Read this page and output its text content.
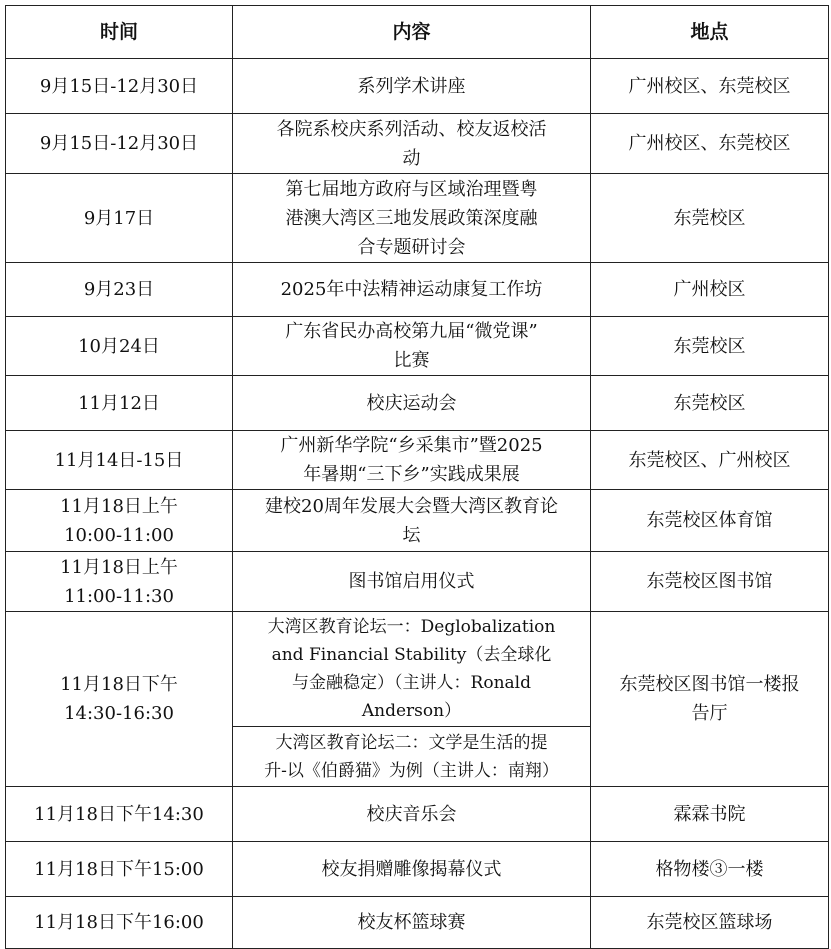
时间	内容	地点
9月15日-12月30日	系列学术讲座	广州校区、东莞校区
9月15日-12月30日	各院系校庆系列活动、校友返校活
动	广州校区、东莞校区
9月17日	第七届地方政府与区域治理暨粤
港澳大湾区三地发展政策深度融
合专题研讨会	东莞校区
9月23日	2025年中法精神运动康复工作坊	广州校区
10月24日	广东省民办高校第九届“微党课”
比赛	东莞校区
11月12日	校庆运动会	东莞校区
11月14日-15日	广州新华学院“乡采集市”暨2025
年暑期“三下乡”实践成果展	东莞校区、广州校区
11月18日上午
10:00-11:00	建校20周年发展大会暨大湾区教育论
坛	东莞校区体育馆
11月18日上午
11:00-11:30	图书馆启用仪式	东莞校区图书馆
11月18日下午
14:30-16:30	大湾区教育论坛一：Deglobalization
and Financial Stability（去全球化
与金融稳定）（主讲人：Ronald
Anderson）	东莞校区图书馆一楼报
告厅
	大湾区教育论坛二：文学是生活的提
升-以《伯爵猫》为例（主讲人：南翔）	
11月18日下午14:30	校庆音乐会	霖霖书院
11月18日下午15:00	校友捐赠雕像揭幕仪式	格物楼③一楼
11月18日下午16:00	校友杯篮球赛	东莞校区篮球场
